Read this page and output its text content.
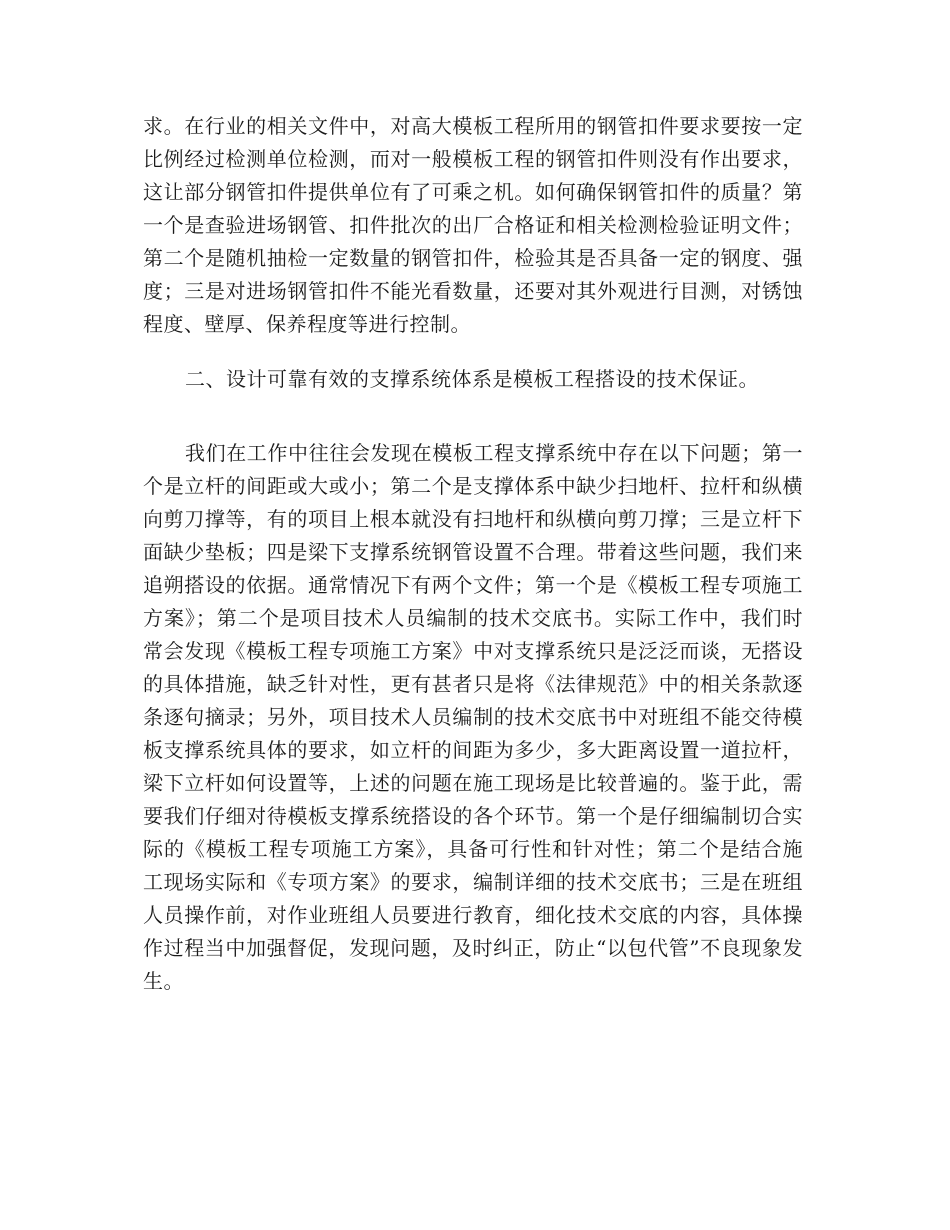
求。在行业的相关文件中，对高大模板工程所用的钢管扣件要求要按一定比例经过检测单位检测，而对一般模板工程的钢管扣件则没有作出要求，这让部分钢管扣件提供单位有了可乘之机。如何确保钢管扣件的质量？第一个是查验进场钢管、扣件批次的出厂合格证和相关检测检验证明文件；第二个是随机抽检一定数量的钢管扣件，检验其是否具备一定的钢度、强度；三是对进场钢管扣件不能光看数量，还要对其外观进行目测，对锈蚀程度、壁厚、保养程度等进行控制。

二、设计可靠有效的支撑系统体系是模板工程搭设的技术保证。

我们在工作中往往会发现在模板工程支撑系统中存在以下问题；第一个是立杆的间距或大或小；第二个是支撑体系中缺少扫地杆、拉杆和纵横向剪刀撑等，有的项目上根本就没有扫地杆和纵横向剪刀撑；三是立杆下面缺少垫板；四是梁下支撑系统钢管设置不合理。带着这些问题，我们来追朔搭设的依据。通常情况下有两个文件；第一个是《模板工程专项施工方案》；第二个是项目技术人员编制的技术交底书。实际工作中，我们时常会发现《模板工程专项施工方案》中对支撑系统只是泛泛而谈，无搭设的具体措施，缺乏针对性，更有甚者只是将《法律规范》中的相关条款逐条逐句摘录；另外，项目技术人员编制的技术交底书中对班组不能交待模板支撑系统具体的要求，如立杆的间距为多少，多大距离设置一道拉杆，梁下立杆如何设置等，上述的问题在施工现场是比较普遍的。鉴于此，需要我们仔细对待模板支撑系统搭设的各个环节。第一个是仔细编制切合实际的《模板工程专项施工方案》，具备可行性和针对性；第二个是结合施工现场实际和《专项方案》的要求，编制详细的技术交底书；三是在班组人员操作前，对作业班组人员要进行教育，细化技术交底的内容，具体操作过程当中加强督促，发现问题，及时纠正，防止“以包代管”不良现象发生。
